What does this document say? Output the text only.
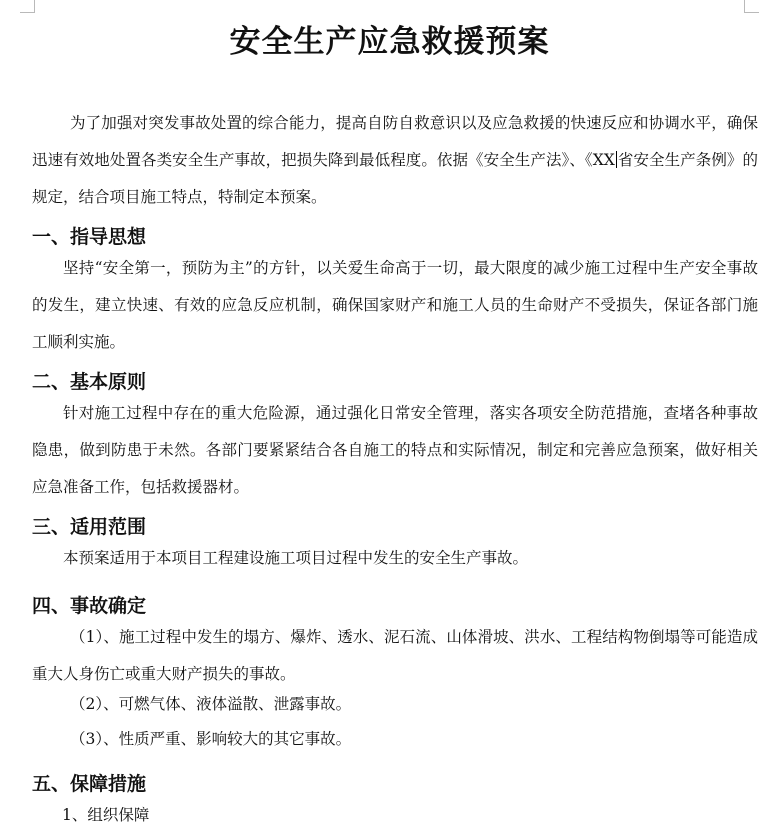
安全生产应急救援预案
为了加强对突发事故处置的综合能力，提高自防自救意识以及应急救援的快速反应和协调水平，确保迅速有效地处置各类安全生产事故，把损失降到最低程度。依据《安全生产法》、《XX 省安全生产条例》的规定，结合项目施工特点，特制定本预案。
一、指导思想
坚持“安全第一，预防为主”的方针，以关爱生命高于一切，最大限度的减少施工过程中生产安全事故的发生，建立快速、有效的应急反应机制，确保国家财产和施工人员的生命财产不受损失，保证各部门施工顺利实施。
二、基本原则
针对施工过程中存在的重大危险源，通过强化日常安全管理，落实各项安全防范措施，查堵各种事故隐患，做到防患于未然。各部门要紧紧结合各自施工的特点和实际情况，制定和完善应急预案，做好相关应急准备工作，包括救援器材。
三、适用范围
本预案适用于本项目工程建设施工项目过程中发生的安全生产事故。
四、事故确定
（1）、施工过程中发生的塌方、爆炸、透水、泥石流、山体滑坡、洪水、工程结构物倒塌等可能造成重大人身伤亡或重大财产损失的事故。
（2）、可燃气体、液体溢散、泄露事故。
（3）、性质严重、影响较大的其它事故。
五、保障措施
1、组织保障
